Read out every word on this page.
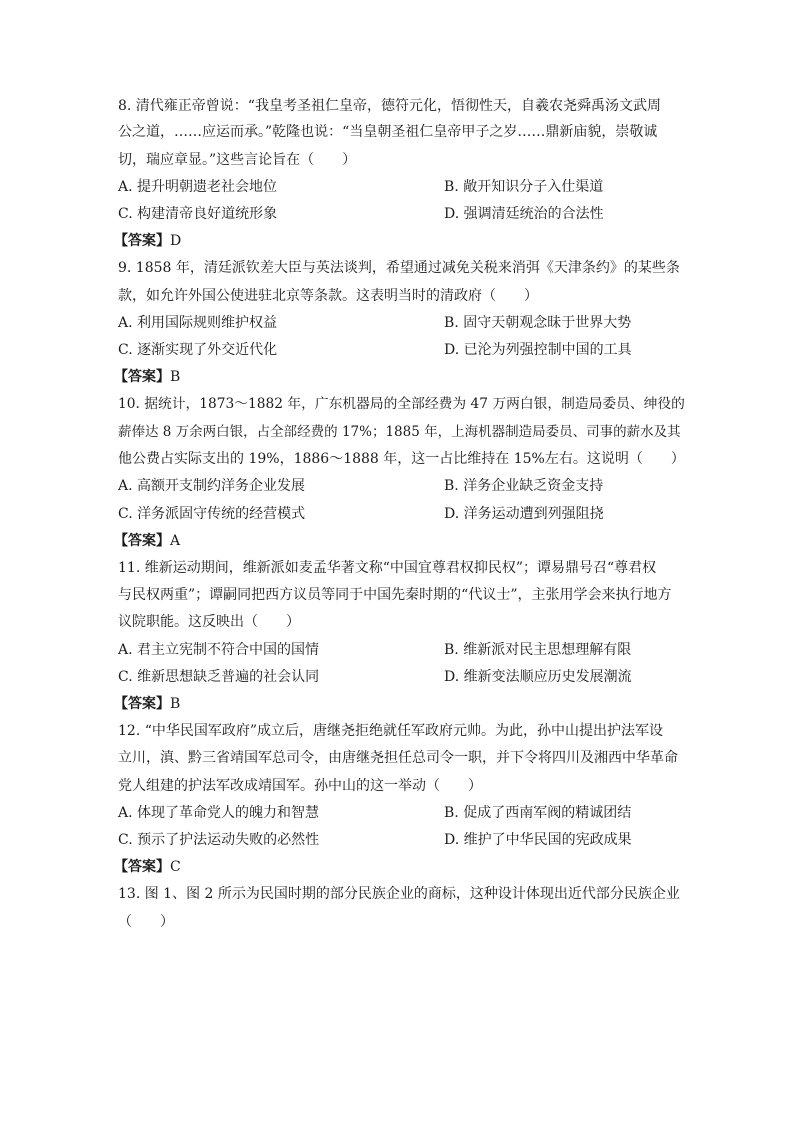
8. 清代雍正帝曾说：“我皇考圣祖仁皇帝，德符元化，悟彻性天，自羲农尧舜禹汤文武周
公之道，……应运而承。”乾隆也说：“当皇朝圣祖仁皇帝甲子之岁……鼎新庙貌，崇敬诚
切，瑞应章显。”这些言论旨在（　　）
A. 提升明朝遗老社会地位	B. 敞开知识分子入仕渠道
C. 构建清帝良好道统形象	D. 强调清廷统治的合法性
【答案】D
9. 1858 年，清廷派钦差大臣与英法谈判，希望通过减免关税来消弭《天津条约》的某些条
款，如允许外国公使进驻北京等条款。这表明当时的清政府（　　）
A. 利用国际规则维护权益	B. 固守天朝观念昧于世界大势
C. 逐渐实现了外交近代化	D. 已沦为列强控制中国的工具
【答案】B
10. 据统计，1873～1882 年，广东机器局的全部经费为 47 万两白银，制造局委员、绅役的
薪俸达 8 万余两白银，占全部经费的 17%；1885 年，上海机器制造局委员、司事的薪水及其
他公费占实际支出的 19%，1886～1888 年，这一占比维持在 15%左右。这说明（　　）
A. 高额开支制约洋务企业发展	B. 洋务企业缺乏资金支持
C. 洋务派固守传统的经营模式	D. 洋务运动遭到列强阻挠
【答案】A
11. 维新运动期间，维新派如麦孟华著文称“中国宜尊君权抑民权”；谭易鼎号召“尊君权
与民权两重”；谭嗣同把西方议员等同于中国先秦时期的“代议士”，主张用学会来执行地方
议院职能。这反映出（　　）
A. 君主立宪制不符合中国的国情	B. 维新派对民主思想理解有限
C. 维新思想缺乏普遍的社会认同	D. 维新变法顺应历史发展潮流
【答案】B
12. “中华民国军政府”成立后，唐继尧拒绝就任军政府元帅。为此，孙中山提出护法军设
立川，滇、黔三省靖国军总司令，由唐继尧担任总司令一职，并下令将四川及湘西中华革命
党人组建的护法军改成靖国军。孙中山的这一举动（　　）
A. 体现了革命党人的魄力和智慧	B. 促成了西南军阀的精诚团结
C. 预示了护法运动失败的必然性	D. 维护了中华民国的宪政成果
【答案】C
13. 图 1、图 2 所示为民国时期的部分民族企业的商标，这种设计体现出近代部分民族企业
（　　）
